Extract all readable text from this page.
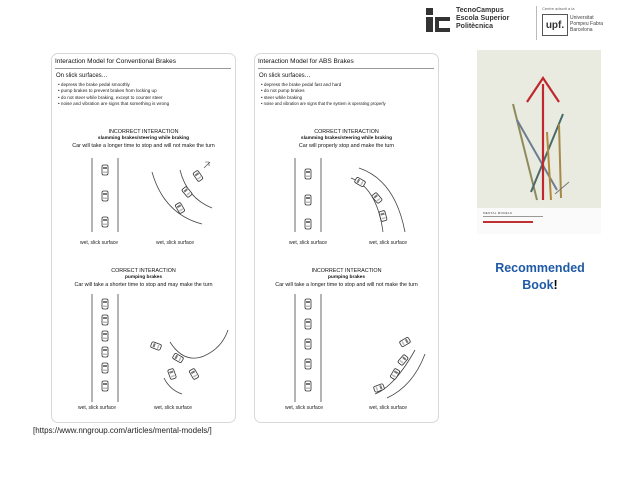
TecnoCampus
Escola Superior
Politècnica
Centre adscrit a la
upf.
Universitat
Pompeu Fabra
Barcelona
Interaction Model for Conventional Brakes
On slick surfaces…
• depress the brake pedal smoothly
• pump brakes to prevent brakes from locking up
• do not steer while braking, except to counter steer
• noise and vibration are signs that something is wrong
INCORRECT INTERACTION
slamming brakes/steering while braking
Car will take a longer time to stop and will not make the turn
wet, slick surface	wet, slick surface
CORRECT INTERACTION
pumping brakes
Car will take a shorter time to stop and may make the turn
wet, slick surface	wet, slick surface
Interaction Model for ABS Brakes
On slick surfaces…
• depress the brake pedal fast and hard
• do not pump brakes
• steer while braking
• noise and vibration are signs that the system is operating properly
CORRECT INTERACTION
slamming brakes/steering while braking
Car will properly stop and make the turn
wet, slick surface	wet, slick surface
INCORRECT INTERACTION
pumping brakes
Car will take a longer time to stop and will not make the turn
wet, slick surface	wet, slick surface
MENTAL MODELS
Recommended
Book!
[https://www.nngroup.com/articles/mental-models/]
